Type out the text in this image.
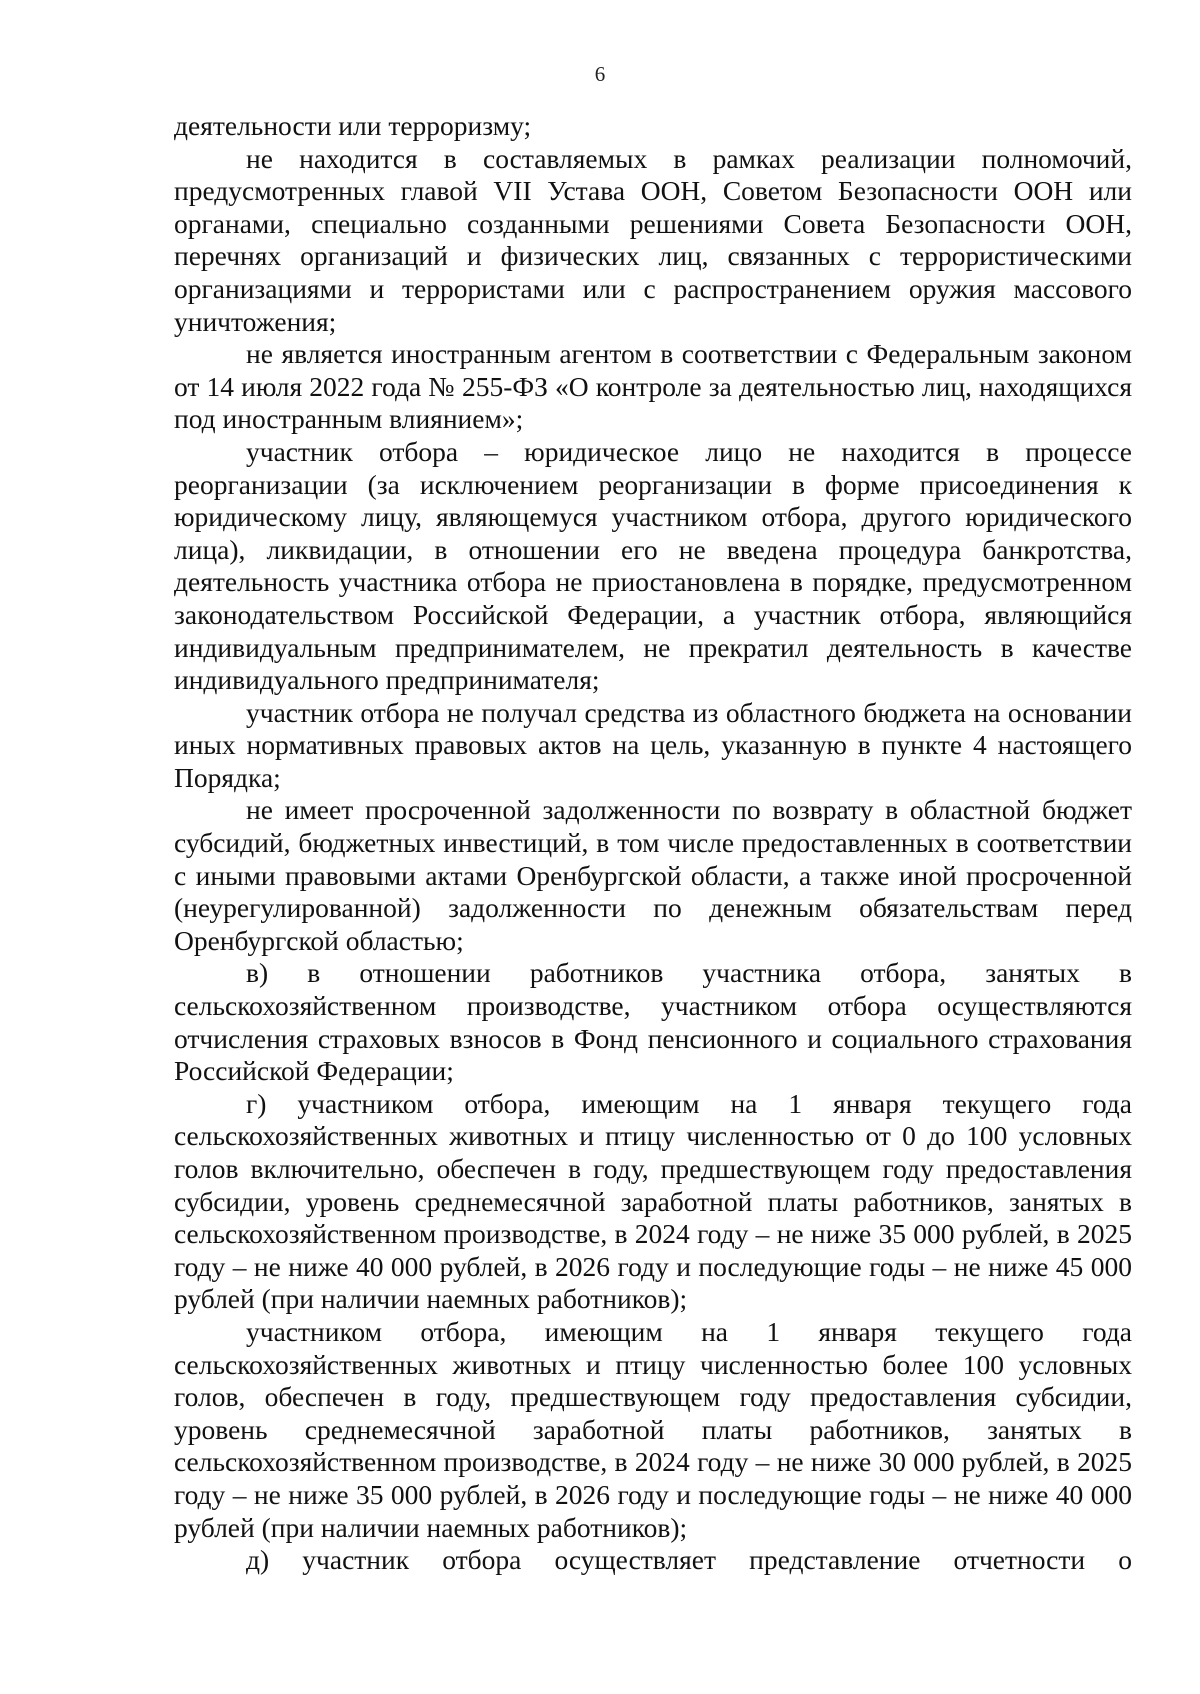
6

деятельности или терроризму;

не находится в составляемых в рамках реализации полномочий, предусмотренных главой VII Устава ООН, Советом Безопасности ООН или органами, специально созданными решениями Совета Безопасности ООН, перечнях организаций и физических лиц, связанных с террористическими организациями и террористами или с распространением оружия массового уничтожения;

не является иностранным агентом в соответствии с Федеральным законом от 14 июля 2022 года № 255-ФЗ «О контроле за деятельностью лиц, находящихся под иностранным влиянием»;

участник отбора – юридическое лицо не находится в процессе реорганизации (за исключением реорганизации в форме присоединения к юридическому лицу, являющемуся участником отбора, другого юридического лица), ликвидации, в отношении его не введена процедура банкротства, деятельность участника отбора не приостановлена в порядке, предусмотренном законодательством Российской Федерации, а участник отбора, являющийся индивидуальным предпринимателем, не прекратил деятельность в качестве индивидуального предпринимателя;

участник отбора не получал средства из областного бюджета на основании иных нормативных правовых актов на цель, указанную в пункте 4 настоящего Порядка;

не имеет просроченной задолженности по возврату в областной бюджет субсидий, бюджетных инвестиций, в том числе предоставленных в соответствии с иными правовыми актами Оренбургской области, а также иной просроченной (неурегулированной) задолженности по денежным обязательствам перед Оренбургской областью;

в) в отношении работников участника отбора, занятых в сельскохозяйственном производстве, участником отбора осуществляются отчисления страховых взносов в Фонд пенсионного и социального страхования Российской Федерации;

г) участником отбора, имеющим на 1 января текущего года сельскохозяйственных животных и птицу численностью от 0 до 100 условных голов включительно, обеспечен в году, предшествующем году предоставления субсидии, уровень среднемесячной заработной платы работников, занятых в сельскохозяйственном производстве, в 2024 году – не ниже 35 000 рублей, в 2025 году – не ниже 40 000 рублей, в 2026 году и последующие годы – не ниже 45 000 рублей (при наличии наемных работников);

участником отбора, имеющим на 1 января текущего года сельскохозяйственных животных и птицу численностью более 100 условных голов, обеспечен в году, предшествующем году предоставления субсидии, уровень среднемесячной заработной платы работников, занятых в сельскохозяйственном производстве, в 2024 году – не ниже 30 000 рублей, в 2025 году – не ниже 35 000 рублей, в 2026 году и последующие годы – не ниже 40 000 рублей (при наличии наемных работников);

д) участник отбора осуществляет представление отчетности о
